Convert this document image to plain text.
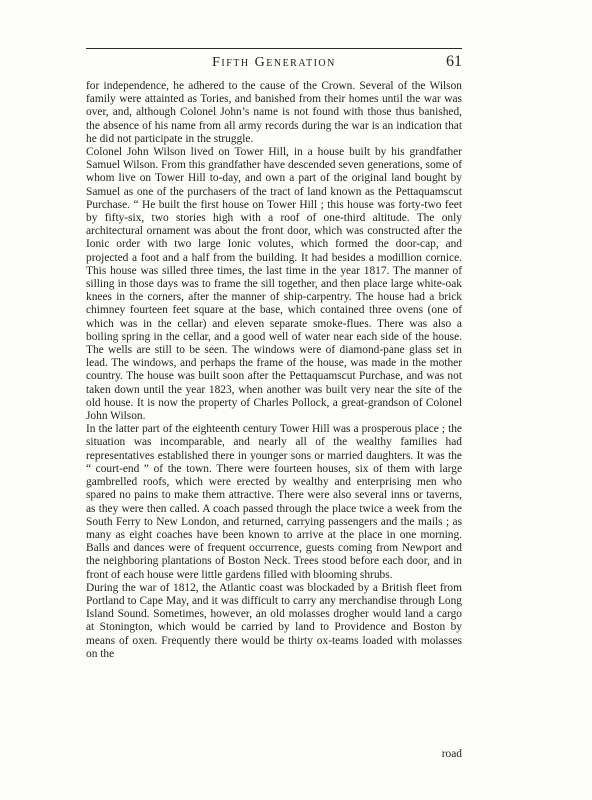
Fifth Generation	61

for independence, he adhered to the cause of the Crown. Several of the Wilson family were attainted as Tories, and banished from their homes until the war was over, and, although Colonel John’s name is not found with those thus banished, the absence of his name from all army records during the war is an indication that he did not participate in the struggle.

Colonel John Wilson lived on Tower Hill, in a house built by his grandfather Samuel Wilson. From this grandfather have descended seven generations, some of whom live on Tower Hill to-day, and own a part of the original land bought by Samuel as one of the purchasers of the tract of land known as the Pettaquamscut Purchase. “ He built the first house on Tower Hill ; this house was forty-two feet by fifty-six, two stories high with a roof of one-third altitude. The only architectural ornament was about the front door, which was constructed after the Ionic order with two large Ionic volutes, which formed the door-cap, and projected a foot and a half from the building. It had besides a modillion cornice. This house was silled three times, the last time in the year 1817. The manner of silling in those days was to frame the sill together, and then place large white-oak knees in the corners, after the manner of ship-carpentry. The house had a brick chimney fourteen feet square at the base, which contained three ovens (one of which was in the cellar) and eleven separate smoke-flues. There was also a boiling spring in the cellar, and a good well of water near each side of the house. The wells are still to be seen. The windows were of diamond-pane glass set in lead. The windows, and perhaps the frame of the house, was made in the mother country. The house was built soon after the Pettaquamscut Purchase, and was not taken down until the year 1823, when another was built very near the site of the old house. It is now the property of Charles Pollock, a great-grandson of Colonel John Wilson.

In the latter part of the eighteenth century Tower Hill was a prosperous place ; the situation was incomparable, and nearly all of the wealthy families had representatives established there in younger sons or married daughters. It was the “ court-end ” of the town. There were fourteen houses, six of them with large gambrelled roofs, which were erected by wealthy and enterprising men who spared no pains to make them attractive. There were also several inns or taverns, as they were then called. A coach passed through the place twice a week from the South Ferry to New London, and returned, carrying passengers and the mails ; as many as eight coaches have been known to arrive at the place in one morning. Balls and dances were of frequent occurrence, guests coming from Newport and the neighboring plantations of Boston Neck. Trees stood before each door, and in front of each house were little gardens filled with blooming shrubs.

During the war of 1812, the Atlantic coast was blockaded by a British fleet from Portland to Cape May, and it was difficult to carry any merchandise through Long Island Sound. Sometimes, however, an old molasses drogher would land a cargo at Stonington, which would be carried by land to Providence and Boston by means of oxen. Frequently there would be thirty ox-teams loaded with molasses on the

road
